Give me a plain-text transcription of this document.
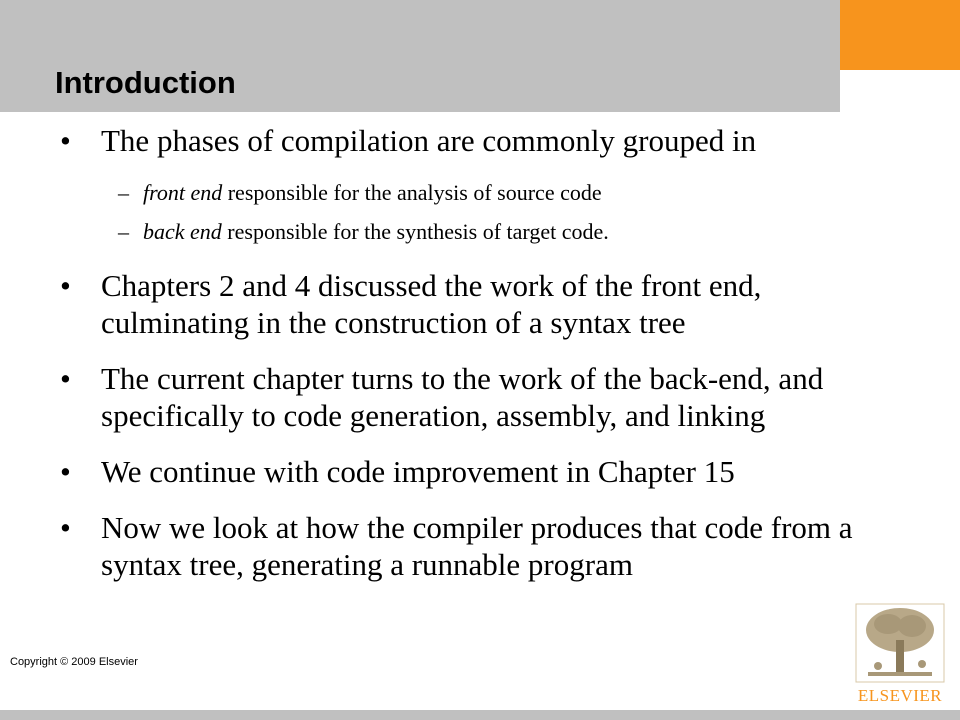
Introduction
• The phases of compilation are commonly grouped in
– front end responsible for the analysis of source code
– back end responsible for the synthesis of target code.
• Chapters 2 and 4 discussed the work of the front end, culminating in the construction of a syntax tree
• The current chapter turns to the work of the back-end, and specifically to code generation, assembly, and linking
• We continue with code improvement in Chapter 15
• Now we look at how the compiler produces that code from a syntax tree, generating a runnable program
Copyright © 2009 Elsevier
ELSEVIER
